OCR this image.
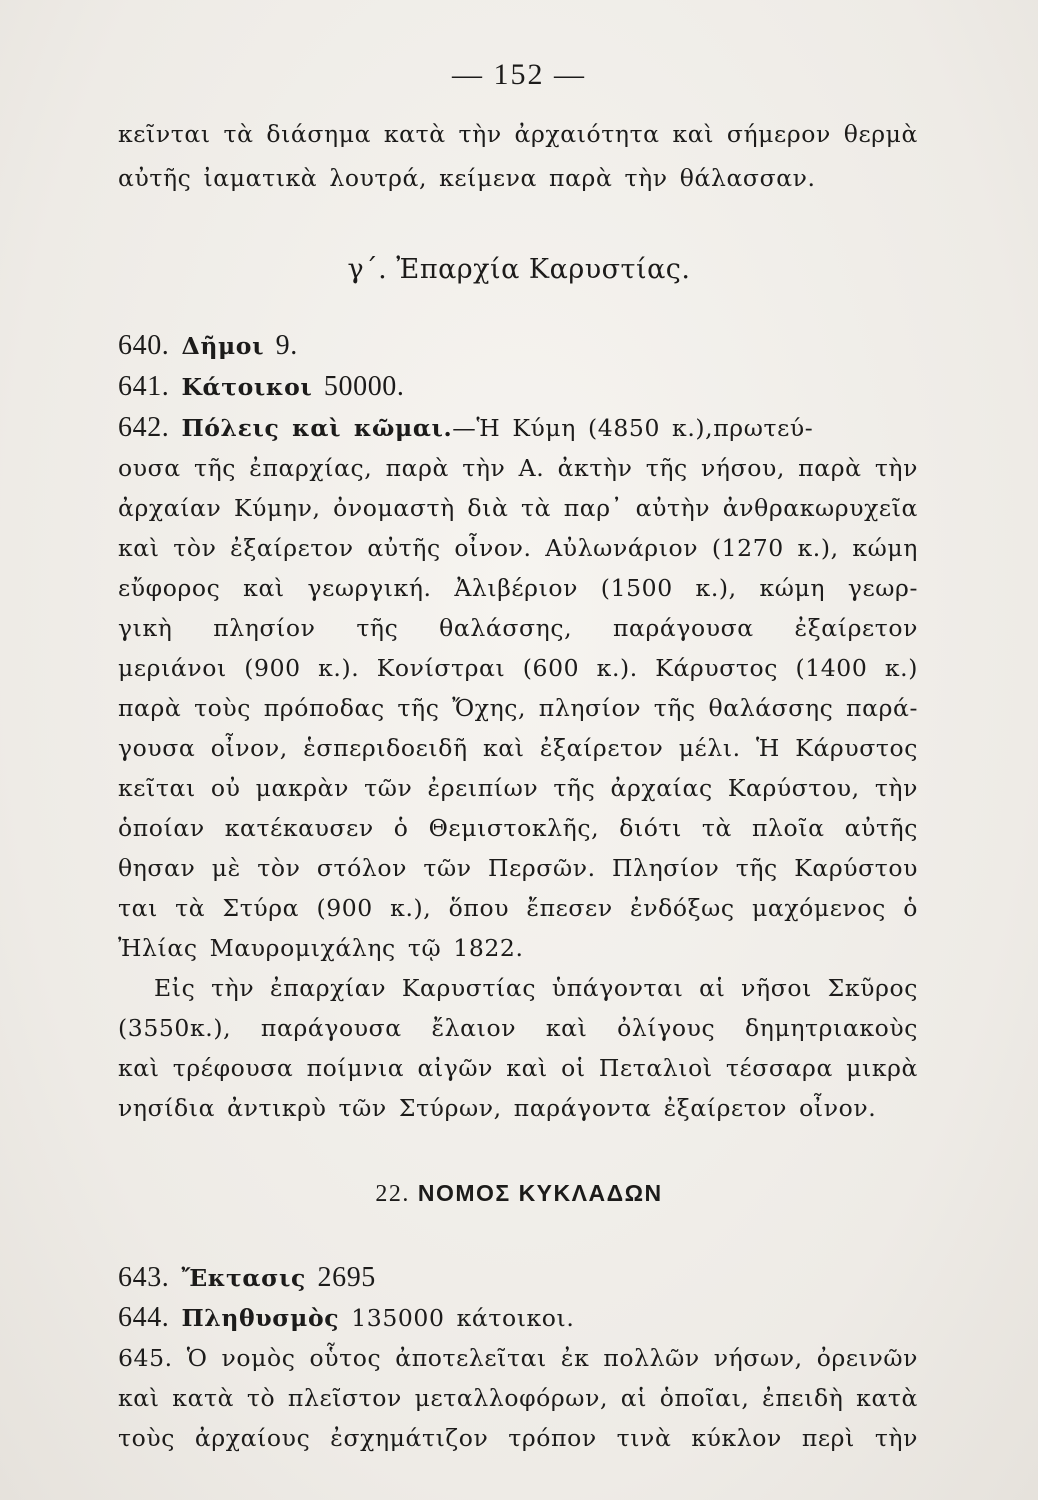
— 152 —
κεῖνται τὰ διάσημα κατὰ τὴν ἀρχαιότητα καὶ σήμερον θερμὰ
αὐτῆς ἰαματικὰ λουτρά, κείμενα παρὰ τὴν θάλασσαν.
γ΄. Ἐπαρχία Καρυστίας.
640. Δῆμοι 9.
641. Κάτοικοι 50000.
642. Πόλεις καὶ κῶμαι.—Ἡ Κύμη (4850 κ.),πρωτεύ-
ουσα τῆς ἐπαρχίας, παρὰ τὴν Α. ἀκτὴν τῆς νήσου, παρὰ τὴν
ἀρχαίαν Κύμην, ὀνομαστὴ διὰ τὰ παρ᾽ αὐτὴν ἀνθρακωρυχεῖα
καὶ τὸν ἐξαίρετον αὐτῆς οἶνον. Αὐλωνάριον (1270 κ.), κώμη
εὔφορος καὶ γεωργική. Ἀλιβέριον (1500 κ.), κώμη γεωρ-
γικὴ πλησίον τῆς θαλάσσης, παράγουσα ἐξαίρετον
μεριάνοι (900 κ.). Κονίστραι (600 κ.). Κάρυστος (1400 κ.)
παρὰ τοὺς πρόποδας τῆς Ὄχης, πλησίον τῆς θαλάσσης παρά-
γουσα οἶνον, ἑσπεριδοειδῆ καὶ ἐξαίρετον μέλι. Ἡ Κάρυστος
κεῖται οὐ μακρὰν τῶν ἐρειπίων τῆς ἀρχαίας Καρύστου, τὴν
ὁποίαν κατέκαυσεν ὁ Θεμιστοκλῆς, διότι τὰ πλοῖα αὐτῆς
θησαν μὲ τὸν στόλον τῶν Περσῶν. Πλησίον τῆς Καρύστου
ται τὰ Στύρα (900 κ.), ὅπου ἔπεσεν ἐνδόξως μαχόμενος ὁ
Ἠλίας Μαυρομιχάλης τῷ 1822.
Εἰς τὴν ἐπαρχίαν Καρυστίας ὑπάγονται αἱ νῆσοι Σκῦρος
(3550κ.), παράγουσα ἔλαιον καὶ ὀλίγους δημητριακοὺς
καὶ τρέφουσα ποίμνια αἰγῶν καὶ οἱ Πεταλιοὶ τέσσαρα μικρὰ
νησίδια ἀντικρὺ τῶν Στύρων, παράγοντα ἐξαίρετον οἶνον.
22. ΝΟΜΟΣ ΚΥΚΛΑΔΩΝ
643. Ἔκτασις 2695
644. Πληθυσμὸς 135000 κάτοικοι.
645. Ὁ νομὸς οὗτος ἀποτελεῖται ἐκ πολλῶν νήσων, ὀρεινῶν
καὶ κατὰ τὸ πλεῖστον μεταλλοφόρων, αἱ ὁποῖαι, ἐπειδὴ κατὰ
τοὺς ἀρχαίους ἐσχημάτιζον τρόπον τινὰ κύκλον περὶ τὴν
